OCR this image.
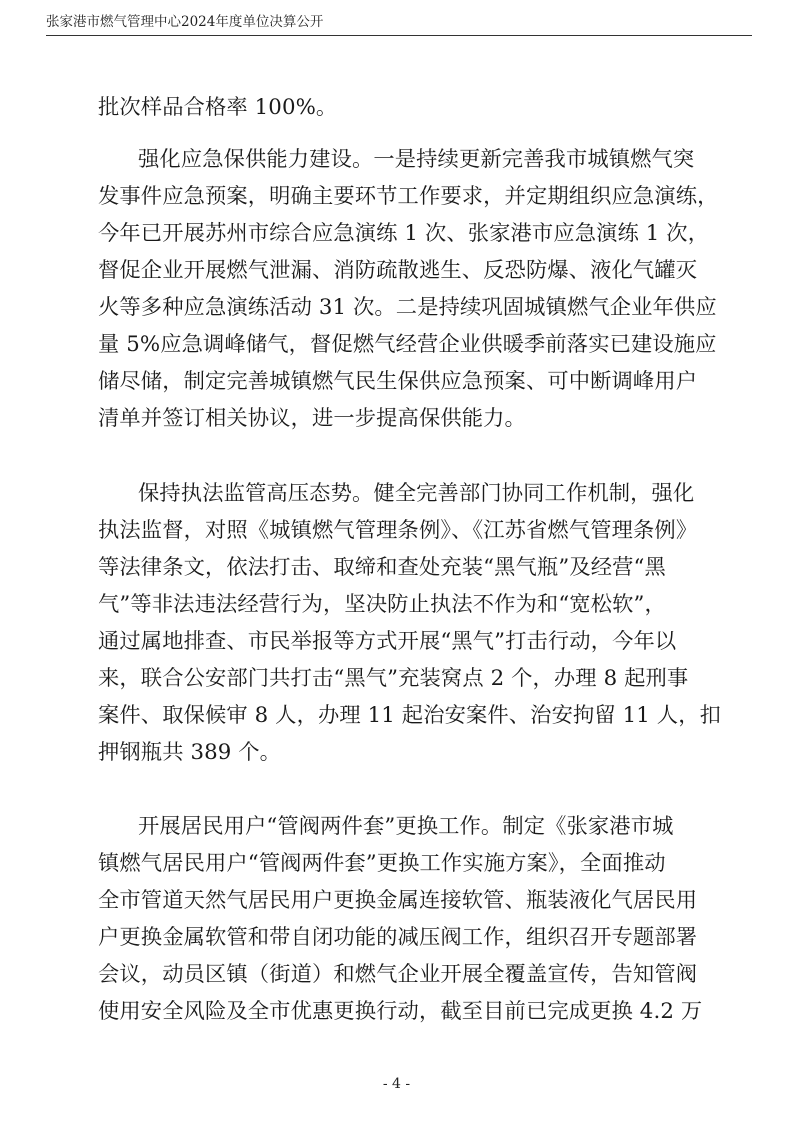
张家港市燃气管理中心2024年度单位决算公开
批次样品合格率 100%。
强化应急保供能力建设。一是持续更新完善我市城镇燃气突
发事件应急预案，明确主要环节工作要求，并定期组织应急演练，
今年已开展苏州市综合应急演练 1 次、张家港市应急演练 1 次，
督促企业开展燃气泄漏、消防疏散逃生、反恐防爆、液化气罐灭
火等多种应急演练活动 31 次。二是持续巩固城镇燃气企业年供应
量 5%应急调峰储气，督促燃气经营企业供暖季前落实已建设施应
储尽储，制定完善城镇燃气民生保供应急预案、可中断调峰用户
清单并签订相关协议，进一步提高保供能力。
保持执法监管高压态势。健全完善部门协同工作机制，强化
执法监督，对照《城镇燃气管理条例》、《江苏省燃气管理条例》
等法律条文，依法打击、取缔和查处充装“黑气瓶”及经营“黑
气”等非法违法经营行为，坚决防止执法不作为和“宽松软”，
通过属地排查、市民举报等方式开展“黑气”打击行动，今年以
来，联合公安部门共打击“黑气”充装窝点 2 个，办理 8 起刑事
案件、取保候审 8 人，办理 11 起治安案件、治安拘留 11 人，扣
押钢瓶共 389 个。
开展居民用户“管阀两件套”更换工作。制定《张家港市城
镇燃气居民用户“管阀两件套”更换工作实施方案》，全面推动
全市管道天然气居民用户更换金属连接软管、瓶装液化气居民用
户更换金属软管和带自闭功能的减压阀工作，组织召开专题部署
会议，动员区镇（街道）和燃气企业开展全覆盖宣传，告知管阀
使用安全风险及全市优惠更换行动，截至目前已完成更换 4.2 万
- 4 -
